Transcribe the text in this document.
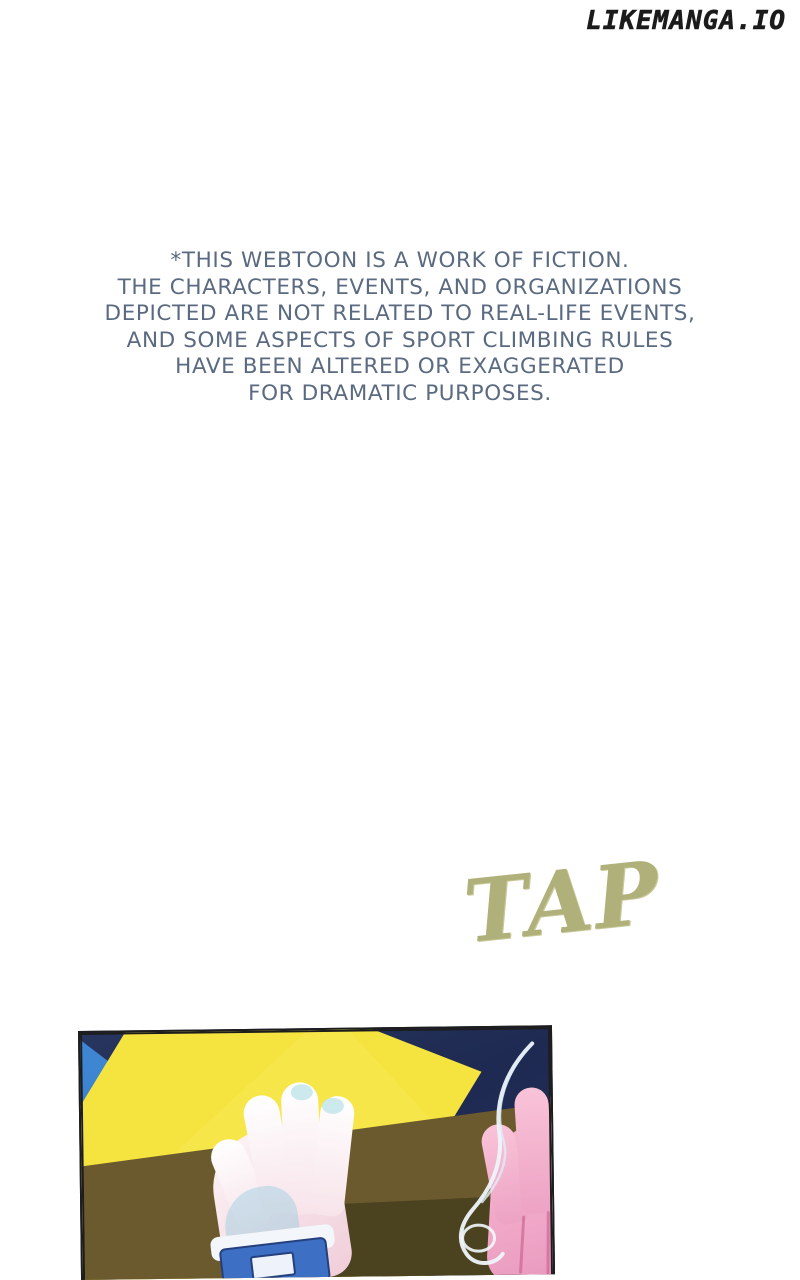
LIKEMANGA.IO
*THIS WEBTOON IS A WORK OF FICTION.
THE CHARACTERS, EVENTS, AND ORGANIZATIONS
DEPICTED ARE NOT RELATED TO REAL-LIFE EVENTS,
AND SOME ASPECTS OF SPORT CLIMBING RULES
HAVE BEEN ALTERED OR EXAGGERATED
FOR DRAMATIC PURPOSES.
TAP
